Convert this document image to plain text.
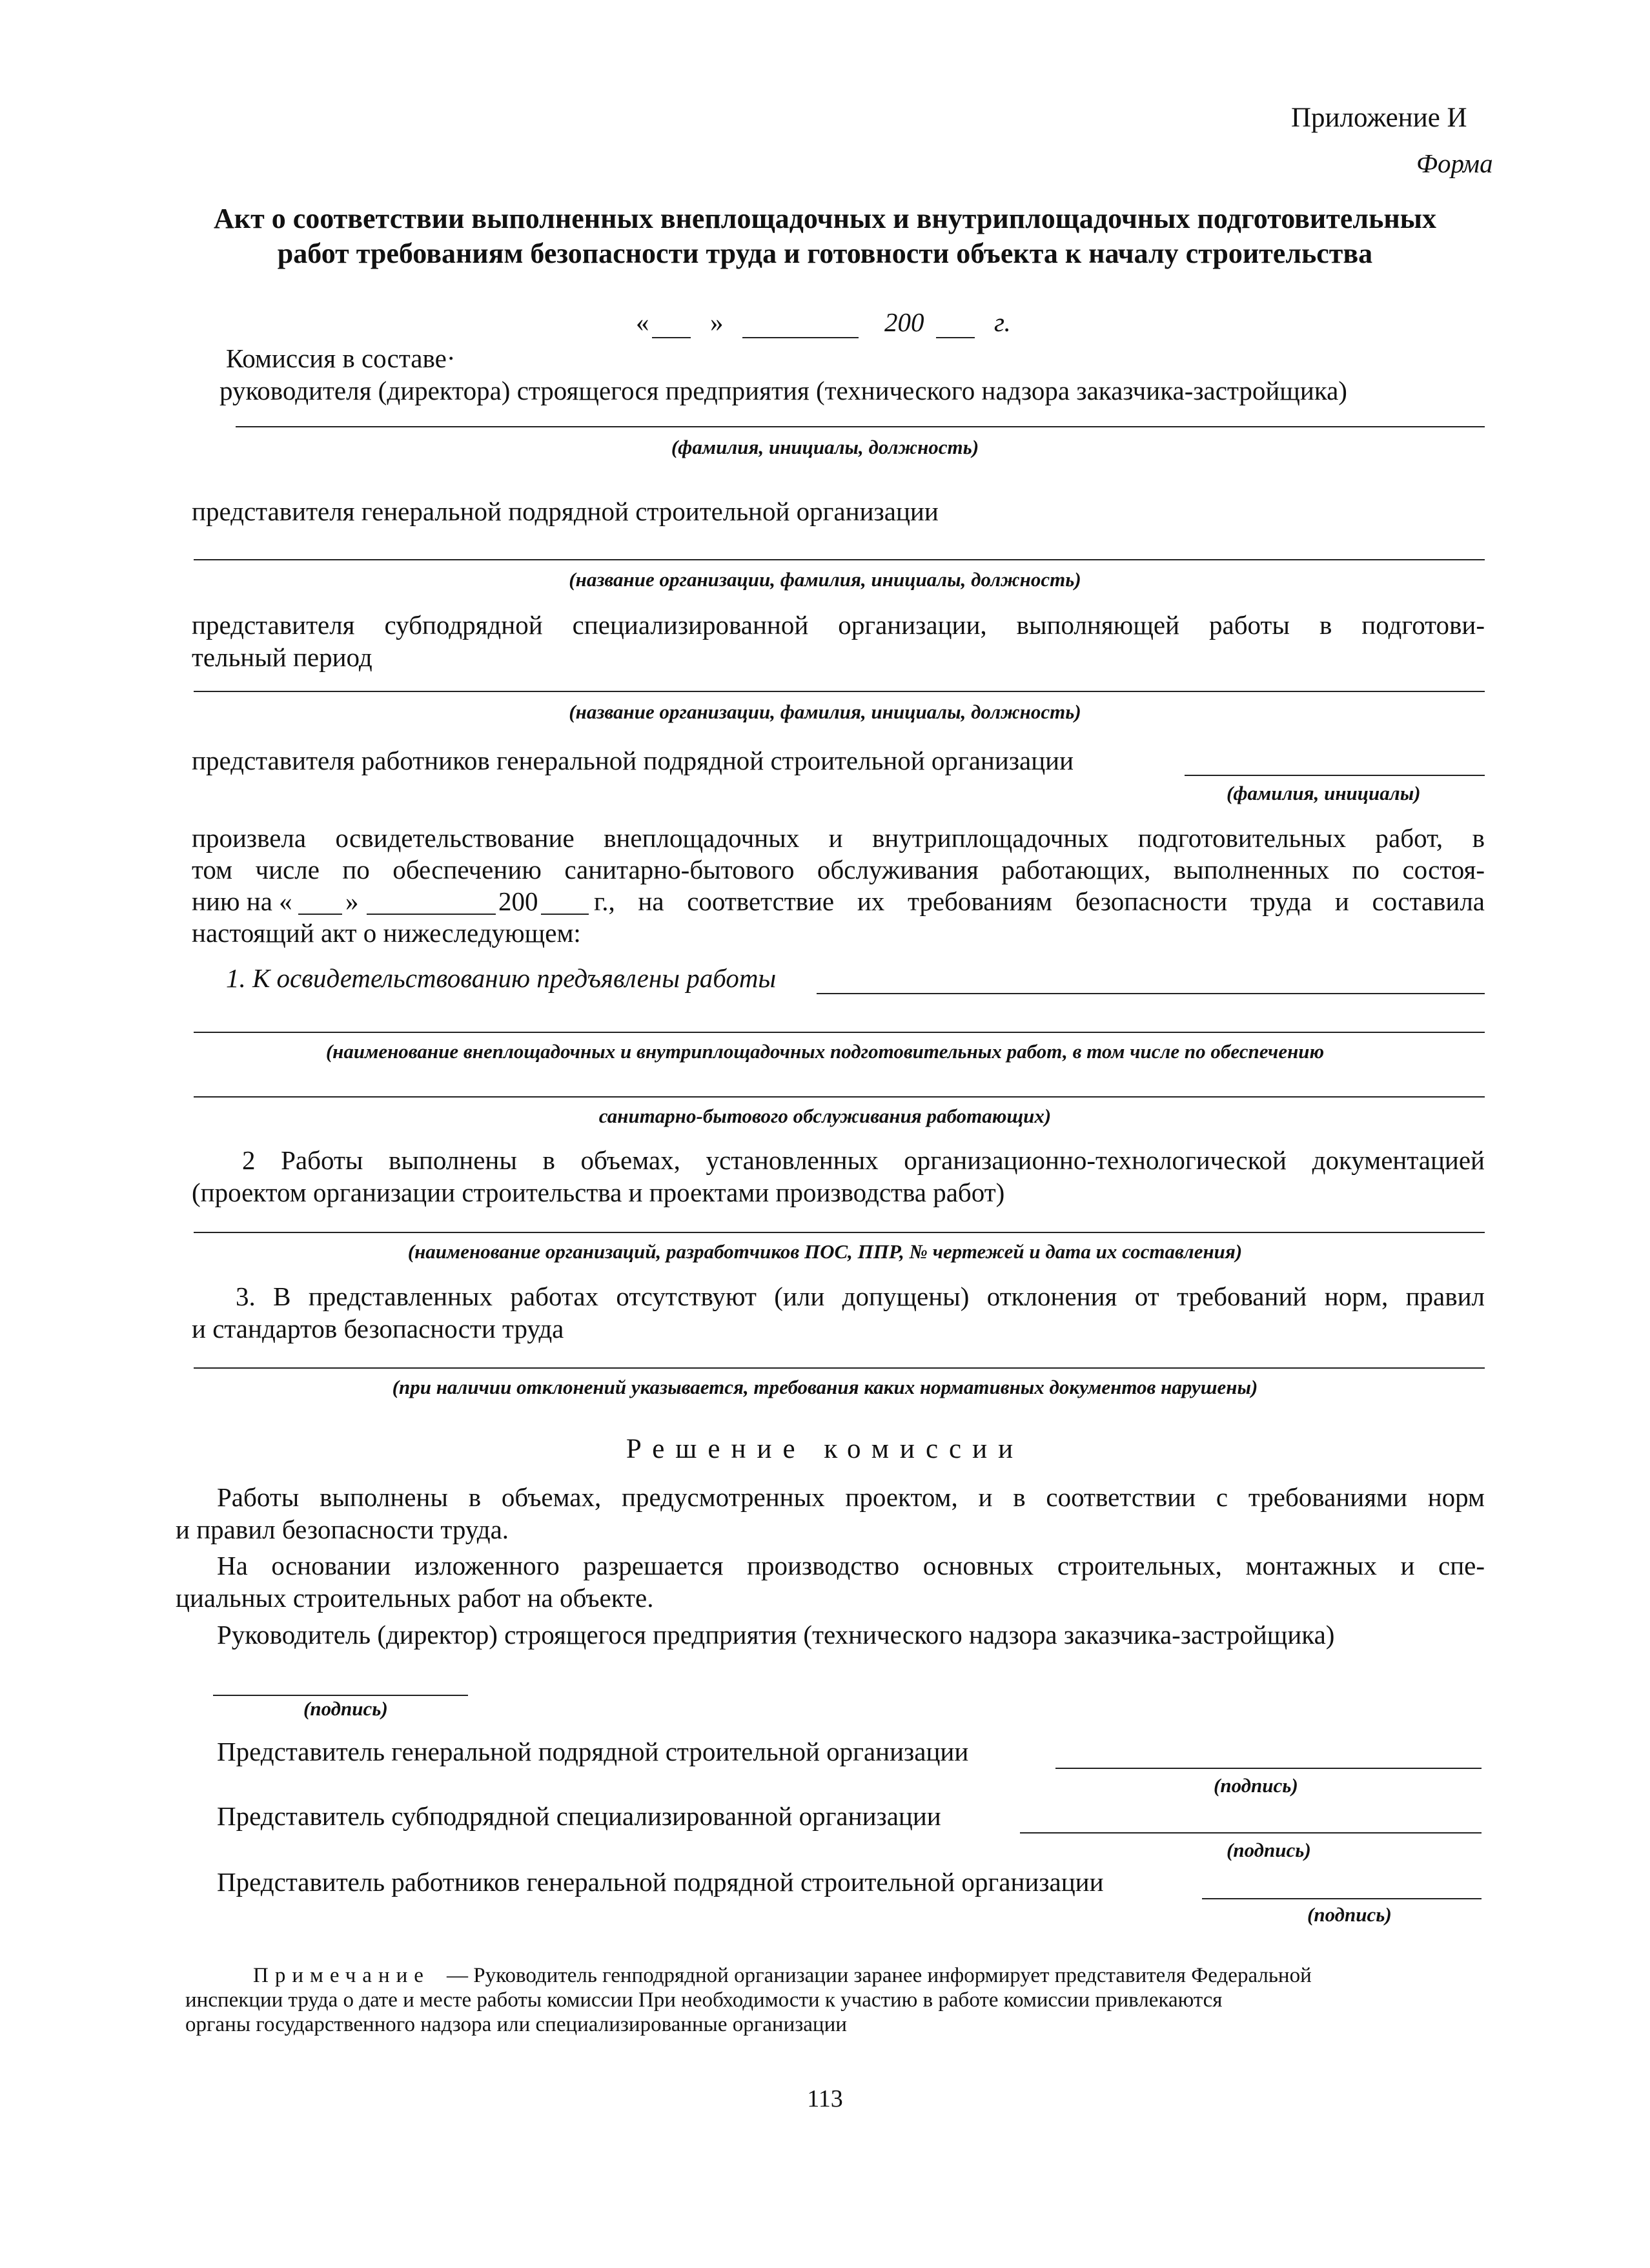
Приложение И
Форма
Акт о соответствии выполненных внеплощадочных и внутриплощадочных подготовительных
работ требованиям безопасности труда и готовности объекта к началу строительства
« »	200	г.
Комиссия в составе·
руководителя (директора) строящегося предприятия (технического надзора заказчика-застройщика)
(фамилия, инициалы, должность)
представителя генеральной подрядной строительной организации
(название организации, фамилия, инициалы, должность)
представителя субподрядной специализированной организации, выполняющей работы в подготови-
тельный период
(название организации, фамилия, инициалы, должность)
представителя работников генеральной подрядной строительной организации
(фамилия, инициалы)
произвела освидетельствование внеплощадочных и внутриплощадочных подготовительных работ, в
том числе по обеспечению санитарно-бытового обслуживания работающих, выполненных по состоя-
нию на « »	200 г., на соответствие их требованиям безопасности труда и составила
настоящий акт о нижеследующем:
1. К освидетельствованию предъявлены работы
(наименование внеплощадочных и внутриплощадочных подготовительных работ, в том числе по обеспечению
санитарно-бытового обслуживания работающих)
2 Работы выполнены в объемах, установленных организационно-технологической документацией
(проектом организации строительства и проектами производства работ)
(наименование организаций, разработчиков ПОС, ППР, № чертежей и дата их составления)
3. В представленных работах отсутствуют (или допущены) отклонения от требований норм, правил
и стандартов безопасности труда
(при наличии отклонений указывается, требования каких нормативных документов нарушены)
Решение комиссии
Работы выполнены в объемах, предусмотренных проектом, и в соответствии с требованиями норм
и правил безопасности труда.
На основании изложенного разрешается производство основных строительных, монтажных и спе-
циальных строительных работ на объекте.
Руководитель (директор) строящегося предприятия (технического надзора заказчика-застройщика)
(подпись)
Представитель генеральной подрядной строительной организации
(подпись)
Представитель субподрядной специализированной организации
(подпись)
Представитель работников генеральной подрядной строительной организации
(подпись)
Примечание — Руководитель генподрядной организации заранее информирует представителя Федеральной
инспекции труда о дате и месте работы комиссии При необходимости к участию в работе комиссии привлекаются
органы государственного надзора или специализированные организации
113
